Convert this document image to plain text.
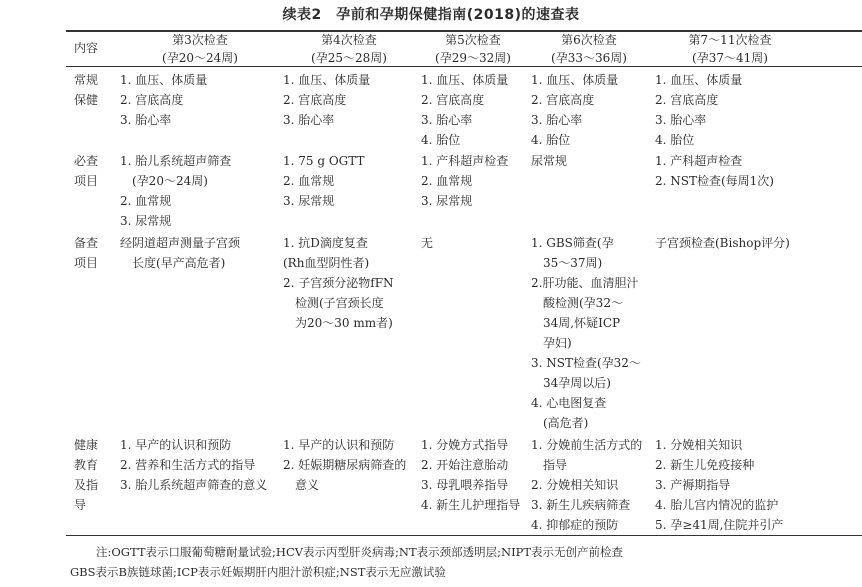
续表2　孕前和孕期保健指南(2018)的速查表
内容
第3次检查
(孕20～24周)
第4次检查
(孕25～28周)
第5次检查
(孕29～32周)
第6次检查
(孕33～36周)
第7～11次检查
(孕37～41周)
常规
保健
1. 血压、体质量
2. 宫底高度
3. 胎心率
1. 血压、体质量
2. 宫底高度
3. 胎心率
1. 血压、体质量
2. 宫底高度
3. 胎心率
4. 胎位
1. 血压、体质量
2. 宫底高度
3. 胎心率
4. 胎位
1. 血压、体质量
2. 宫底高度
3. 胎心率
4. 胎位
必查
项目
1. 胎儿系统超声筛查
　(孕20～24周)
2. 血常规
3. 尿常规
1. 75 g OGTT
2. 血常规
3. 尿常规
1. 产科超声检查
2. 血常规
3. 尿常规
尿常规	1. 产科超声检查
2. NST检查(每周1次)
备查
项目
经阴道超声测量子宫颈
　长度(早产高危者)
1. 抗D滴度复查
(Rh血型阴性者)
2. 子宫颈分泌物fFN
　检测(子宫颈长度
　为20～30 mm者)
无	1. GBS筛查(孕
　35～37周)
2.肝功能、血清胆汁
　酸检测(孕32～
　34周,怀疑ICP
　孕妇)
3. NST检查(孕32～
　34孕周以后)
4. 心电图复查
　(高危者)
子宫颈检查(Bishop评分)
健康
教育
及指
导
1. 早产的认识和预防
2. 营养和生活方式的指导
3. 胎儿系统超声筛查的意义
1. 早产的认识和预防
2. 妊娠期糖尿病筛查的
　意义
1. 分娩方式指导
2. 开始注意胎动
3. 母乳喂养指导
4. 新生儿护理指导
1. 分娩前生活方式的
　指导
2. 分娩相关知识
3. 新生儿疾病筛查
4. 抑郁症的预防
1. 分娩相关知识
2. 新生儿免疫接种
3. 产褥期指导
4. 胎儿宫内情况的监护
5. 孕≥41周,住院并引产
注:OGTT表示口服葡萄糖耐量试验;HCV表示丙型肝炎病毒;NT表示颈部透明层;NIPT表示无创产前检查
GBS表示B族链球菌;ICP表示妊娠期肝内胆汁淤积症;NST表示无应激试验
